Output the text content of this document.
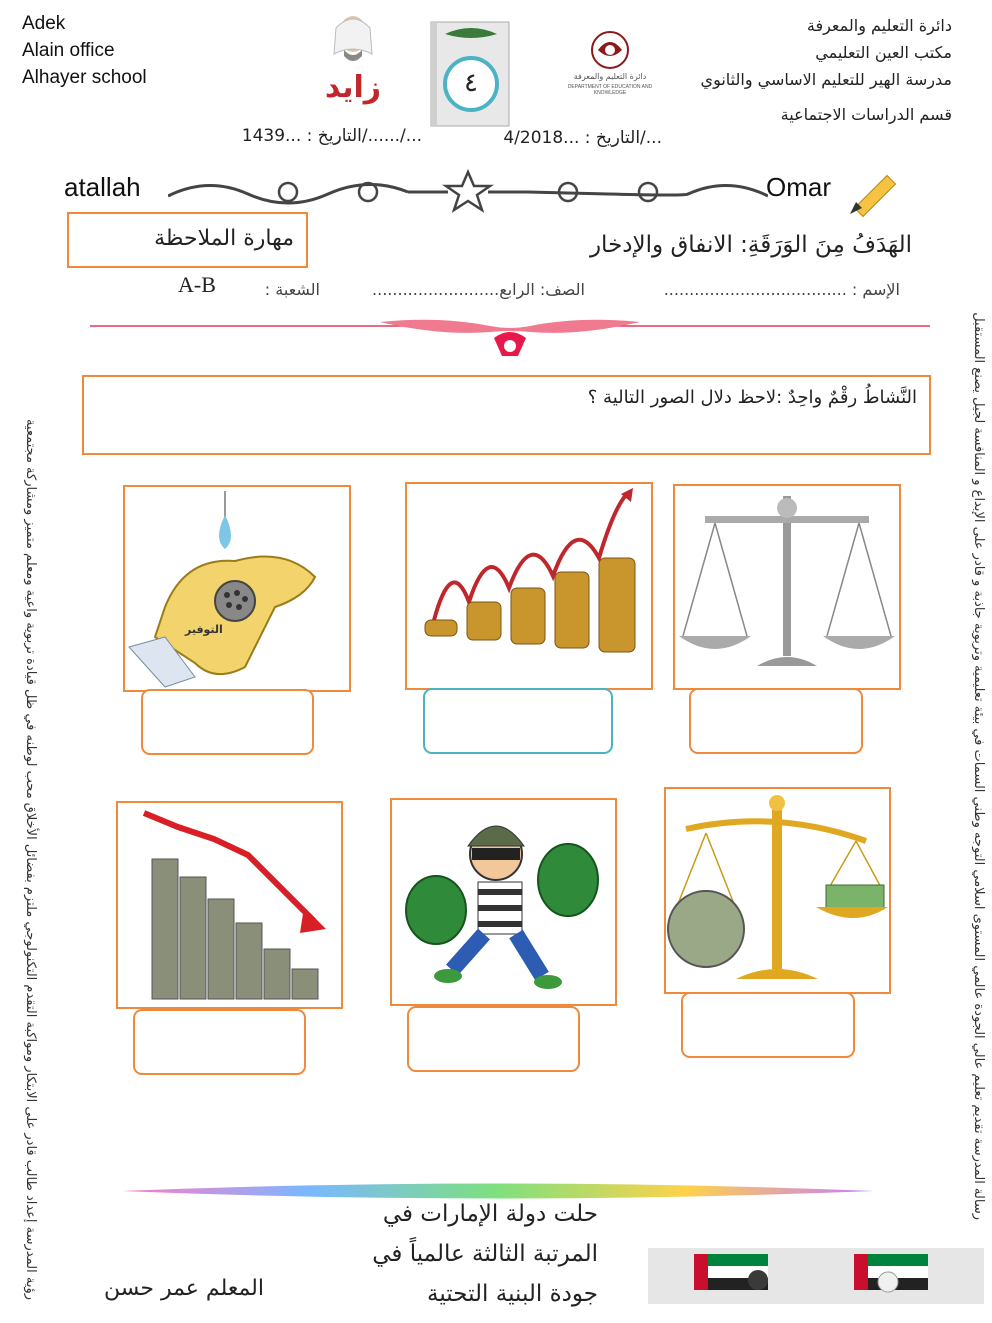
Adek
Alain office
Alhayer school
دائرة التعليم والمعرفة
مكتب العين التعليمي
مدرسة الهير للتعليم الاساسي والثانوي
قسم الدراسات الاجتماعية
زايد	٤	دائرة التعليم والمعرفة
DEPARTMENT OF EDUCATION AND KNOWLEDGE
التاريخ : ...1439/....../...	التاريخ : ...4/2018/...
atallah	Omar
مهارة الملاحظة	الهَدَفُ مِنَ الوَرَقَةِ: الانفاق والإدخار
الإسم : ....................................
الصف: الرابع.........................
الشعبة :
A-B
النَّشاطُ رقْمٌ واحِدٌ :لاحظ دلال الصور التالية ؟
التوفير
حلت دولة الإمارات في
المرتبة الثالثة عالمياً في
جودة البنية التحتية
المعلم عمر حسن
رؤية المدرسة إعداد طالب قادر على الابتكار ومواكبة التقدم التكنولوجي ملتزم بفضائل الأخلاق محب لوطنه في ظل قيادة تربوية واعية ومعلم متميز ومشاركة مجتمعية	رسالة المدرسة تقديم تعليم عالي الجودة عالمي المستوى اسلامي التوجه وطني السمات في بيئة تعليمية وتربوية جاذبة و قادر على الإبداع و المنافسة لجيل يصنع المستقبل
